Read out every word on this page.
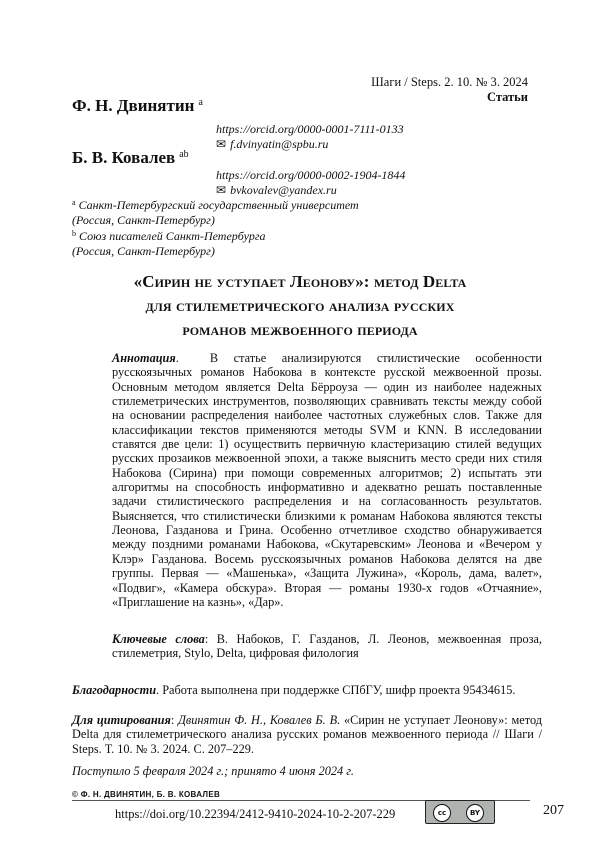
Шаги / Steps. 2. 10. № 3. 2024
Статьи
Ф. Н. Двинятин $^a$
https://orcid.org/0000-0001-7111-0133
✉ f.dvinyatin@spbu.ru
Б. В. Ковалев $^{ab}$
https://orcid.org/0000-0002-1904-1844
✉ bvkovalev@yandex.ru
$^a$ Санкт-Петербургский государственный университет
(Россия, Санкт-Петербург)
$^b$ Союз писателей Санкт-Петербурга
(Россия, Санкт-Петербург)
«Сирин не уступает Леонову»: метод Delta
для стилеметрического анализа русских
романов межвоенного периода
Аннотация.  В статье анализируются стилистические особенности русскоязычных романов Набокова в контексте русской межвоенной прозы. Основным методом является Delta Бёрроуза — один из наиболее надежных стилеметрических инструментов, позволяющих сравнивать тексты между собой на основании распределения наиболее частотных служебных слов. Также для классификации текстов применяются методы SVM и KNN. В исследовании ставятся две цели: 1) осуществить первичную кластеризацию стилей ведущих русских прозаиков межвоенной эпохи, а также выяснить место среди них стиля Набокова (Сирина) при помощи современных алгоритмов; 2) испытать эти алгоритмы на способность информативно и адекватно решать поставленные задачи стилистического распределения и на согласованность результатов. Выясняется, что стилистически близкими к романам Набокова являются тексты Леонова, Газданова и Грина. Особенно отчетливое сходство обнаруживается между поздними романами Набокова, «Скутаревским» Леонова и «Вечером у Клэр» Газданова. Восемь русскоязычных романов Набокова делятся на две группы. Первая — «Машенька», «Защита Лужина», «Король, дама, валет», «Подвиг», «Камера обскура». Вторая — романы 1930-х годов «Отчаяние», «Приглашение на казнь», «Дар».
Ключевые слова: В. Набоков, Г. Газданов, Л. Леонов, межвоенная проза, стилеметрия, Stylo, Delta, цифровая филология
Благодарности. Работа выполнена при поддержке СПбГУ, шифр проекта 95434615.
Для цитирования: Двинятин Ф. Н., Ковалев Б. В. «Сирин не уступает Леонову»: метод Delta для стилеметрического анализа русских романов межвоенного периода // Шаги / Steps. Т. 10. № 3. 2024. С. 207–229.
Поступило 5 февраля 2024 г.; принято 4 июня 2024 г.
© Ф. Н. ДВИНЯТИН, Б. В. КОВАЛЕВ
https://doi.org/10.22394/2412-9410-2024-10-2-207-229	cc	BY	207
